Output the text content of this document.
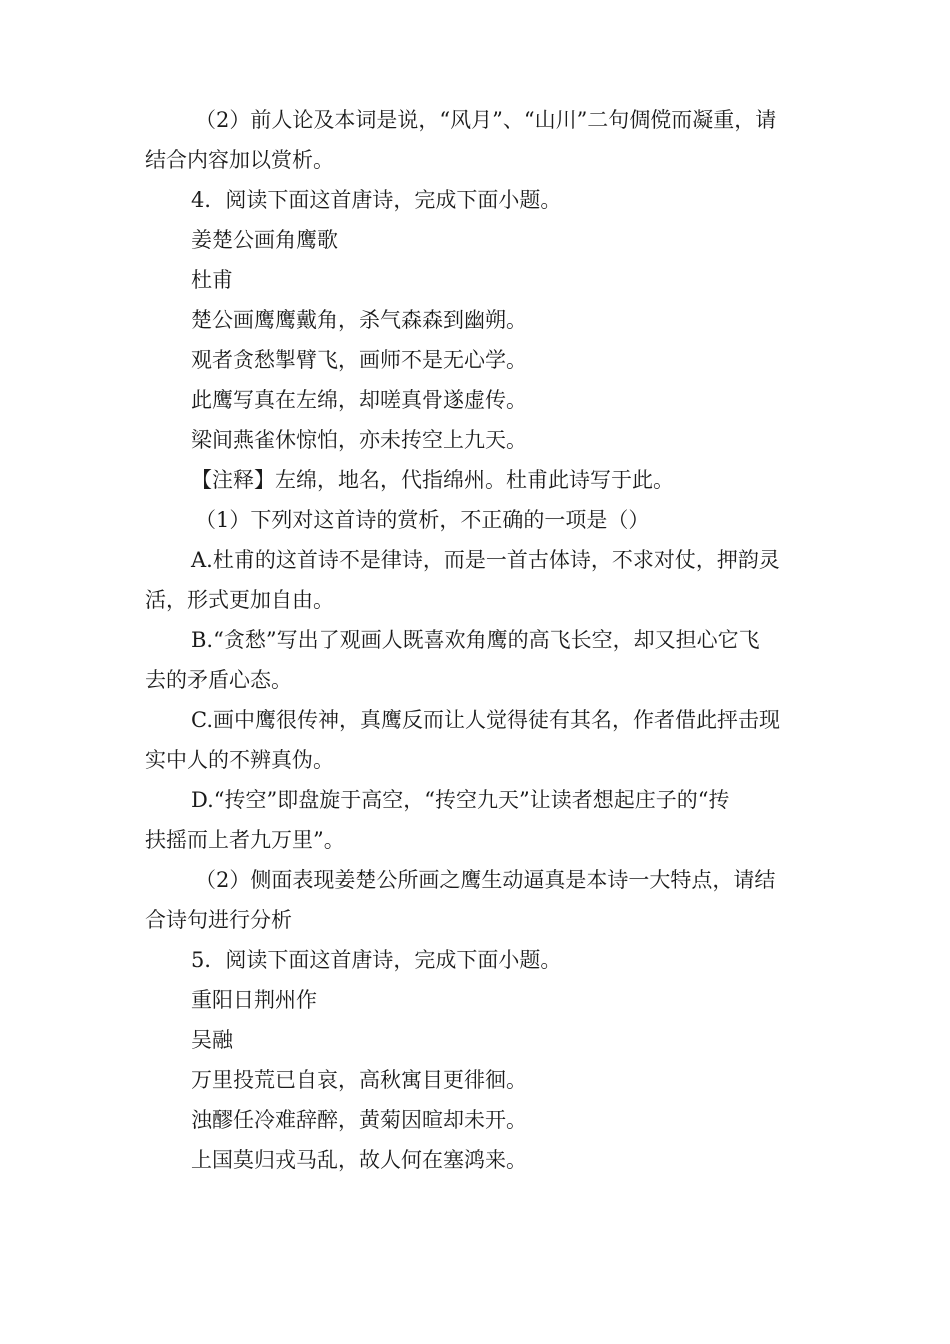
（2）前人论及本词是说，“风月”、“山川”二句倜傥而凝重，请
结合内容加以赏析。
4．阅读下面这首唐诗，完成下面小题。
姜楚公画角鹰歌
杜甫
楚公画鹰鹰戴角，杀气森森到幽朔。
观者贪愁掣臂飞，画师不是无心学。
此鹰写真在左绵，却嗟真骨遂虚传。
梁间燕雀休惊怕，亦未抟空上九天。
【注释】左绵，地名，代指绵州。杜甫此诗写于此。
（1）下列对这首诗的赏析，不正确的一项是（）
A.杜甫的这首诗不是律诗，而是一首古体诗，不求对仗，押韵灵
活，形式更加自由。
B.“贪愁”写出了观画人既喜欢角鹰的高飞长空，却又担心它飞
去的矛盾心态。
C.画中鹰很传神，真鹰反而让人觉得徒有其名，作者借此抨击现
实中人的不辨真伪。
D.“抟空”即盘旋于高空，“抟空九天”让读者想起庄子的“抟
扶摇而上者九万里”。
（2）侧面表现姜楚公所画之鹰生动逼真是本诗一大特点，请结
合诗句进行分析
5．阅读下面这首唐诗，完成下面小题。
重阳日荆州作
吴融
万里投荒已自哀，高秋寓目更徘徊。
浊醪任冷难辞醉，黄菊因暄却未开。
上国莫归戎马乱，故人何在塞鸿来。
